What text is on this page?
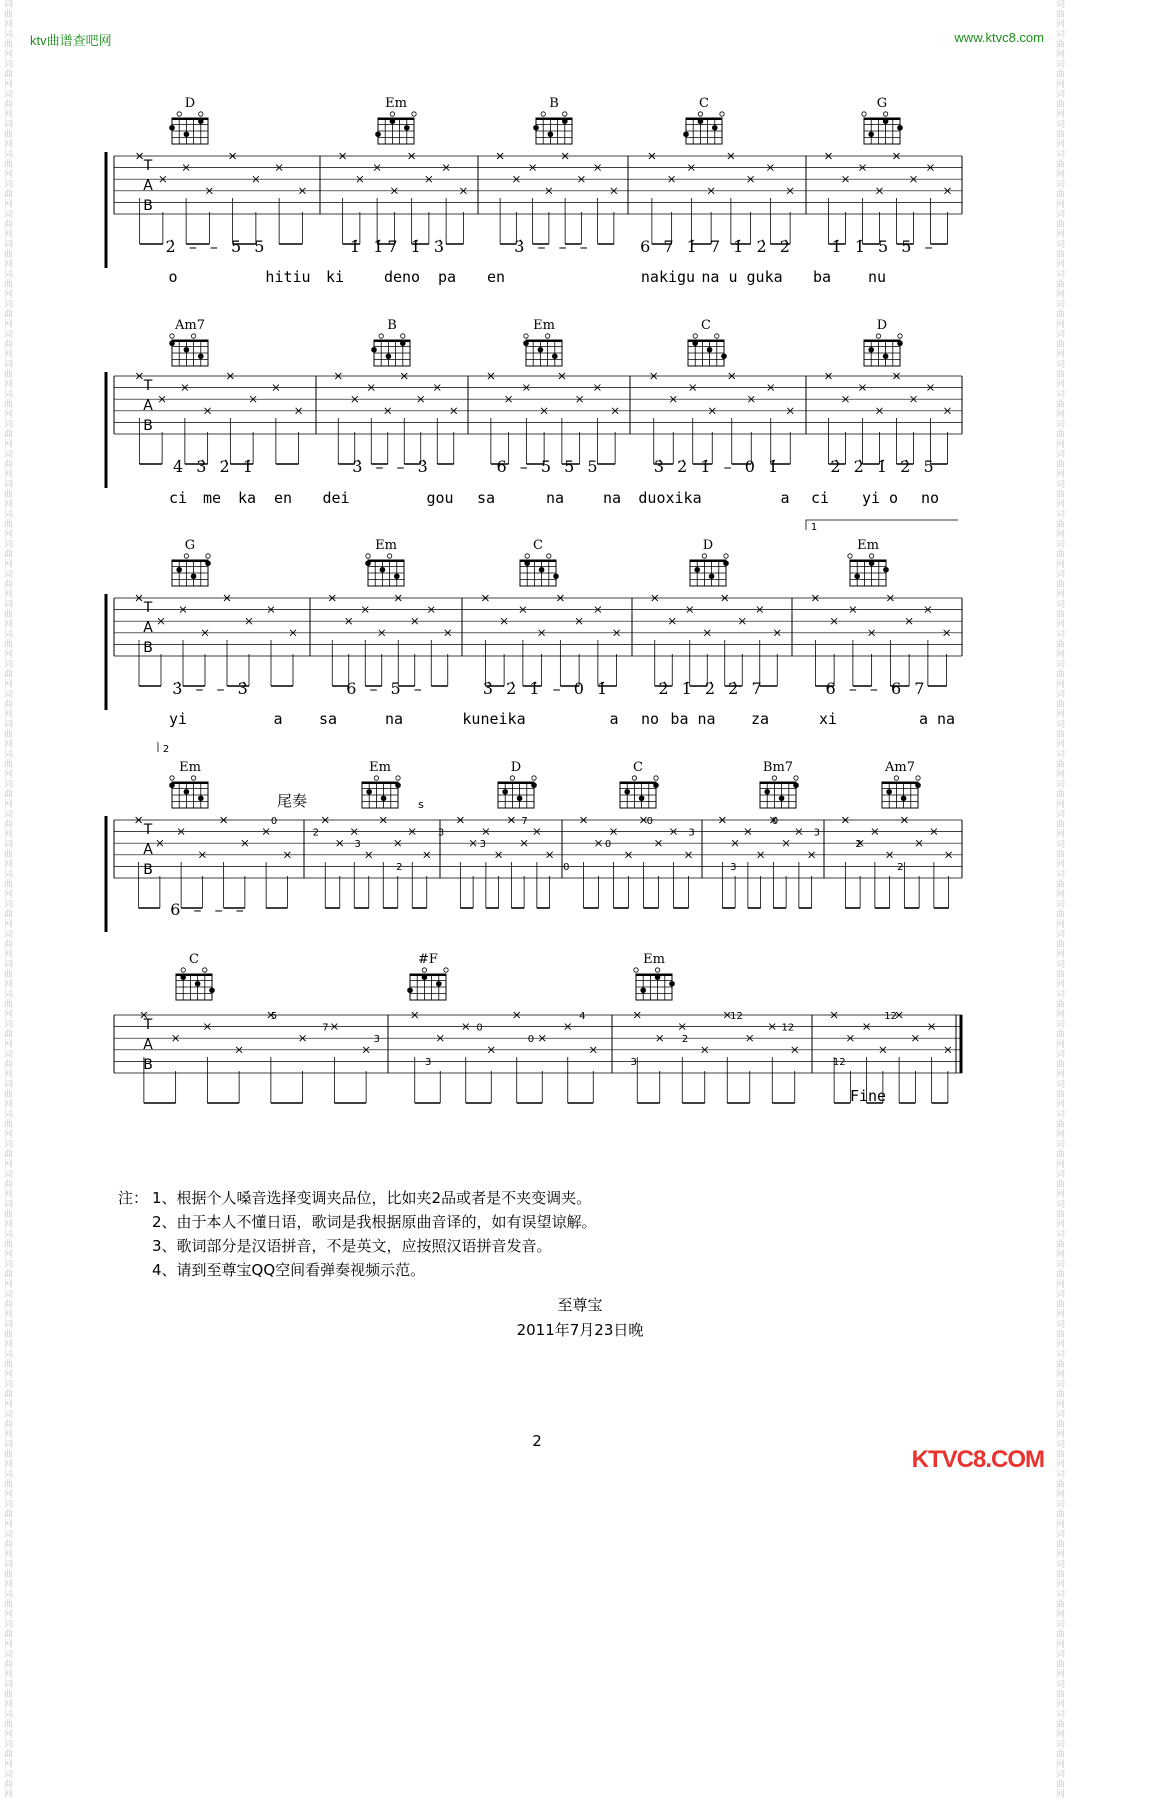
ktv曲谱查吧网	www.ktvc8.com
词曲网词曲网词曲网词曲网词曲网词曲网词曲网词曲网词曲网词曲网词曲网词曲网词曲网词曲网词曲网词曲网词曲网词曲网词曲网词曲网词曲网词曲网词曲网词曲网词曲网词曲网词曲网词曲网词曲网词曲网词曲网词曲网词曲网词曲网词曲网词曲网词曲网词曲网词曲网词曲网词曲网词曲网词曲网词曲网词曲网词曲网词曲网词曲网词曲网词曲网词曲网词曲网词曲网词曲网词曲网词曲网词曲网词曲网词曲网词曲网
词曲网词曲网词曲网词曲网词曲网词曲网词曲网词曲网词曲网词曲网词曲网词曲网词曲网词曲网词曲网词曲网词曲网词曲网词曲网词曲网词曲网词曲网词曲网词曲网词曲网词曲网词曲网词曲网词曲网词曲网词曲网词曲网词曲网词曲网词曲网词曲网词曲网词曲网词曲网词曲网词曲网词曲网词曲网词曲网词曲网词曲网词曲网词曲网词曲网词曲网词曲网词曲网词曲网词曲网词曲网词曲网词曲网词曲网词曲网词曲网
D	Em	B	C	G
T
A
B
2̇ – – 5 5	1̇ 1̇7 1̇ 3̇	3̇ – – –	6 7 1̇ 7 1̇ 2̇ 2̇ 1̇ 1̇ 5 5 –
o	hitiu ki	deno pa en	nakigu na u guka ba nu
Am7	B	Em	C	D
T
A
B
4̇ 3̇ 2̇ 1̇	3̇ – – 3̇	6 – 5 5 5	3̇ 2̇ 1̇ – 0 1̇	2̇ 2̇ 1̇ 2̇ 5
ci me ka en dei	gou sa	na	na duoxika	a ci yi o no
1
G	Em	C	D	Em
T
A
B
3̇ – – 3̇	6 – 5 –	3̇ 2̇ 1̇ – 0 1̇	2̇ 1̇ 2̇ 2̇ 7	6 – – 6 7
yi	a sa	na	kuneika	a no ba na za	xi	a na
2
Em	Em	D	C	Bm7	Am7
T
A
B
6 – – –
0
2
3
2
3
3
7
0
0
0
3
3
0
3
2
2
尾奏	s
C	#F	Em
T
A
B
5
7
3
3
0
0
4
3
2
12
12
12
12
Fine
注： 1、根据个人嗓音选择变调夹品位，比如夹2品或者是不夹变调夹。
2、由于本人不懂日语，歌词是我根据原曲音译的，如有误望谅解。
3、歌词部分是汉语拼音，不是英文，应按照汉语拼音发音。
4、请到至尊宝QQ空间看弹奏视频示范。
至尊宝
2011年7月23日晚
2
KTVC8.COM
